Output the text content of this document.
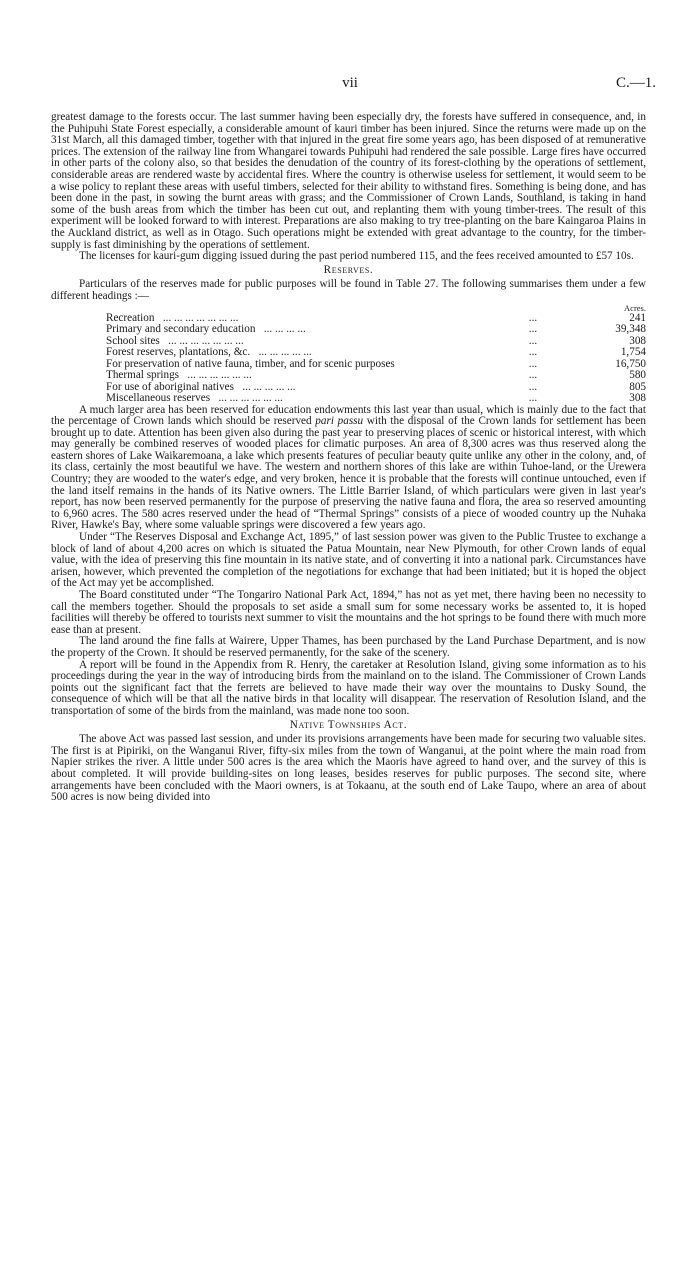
vii	C.—1.

greatest damage to the forests occur. The last summer having been especially dry, the forests have suffered in consequence, and, in the Puhipuhi State Forest especially, a considerable amount of kauri timber has been injured. Since the returns were made up on the 31st March, all this damaged timber, together with that injured in the great fire some years ago, has been disposed of at remunerative prices. The extension of the railway line from Whangarei towards Puhipuhi had rendered the sale possible. Large fires have occurred in other parts of the colony also, so that besides the denudation of the country of its forest-clothing by the operations of settlement, considerable areas are rendered waste by accidental fires. Where the country is otherwise useless for settlement, it would seem to be a wise policy to replant these areas with useful timbers, selected for their ability to withstand fires. Something is being done, and has been done in the past, in sowing the burnt areas with grass; and the Commissioner of Crown Lands, Southland, is taking in hand some of the bush areas from which the timber has been cut out, and replanting them with young timber-trees. The result of this experiment will be looked forward to with interest. Preparations are also making to try tree-planting on the bare Kaingaroa Plains in the Auckland district, as well as in Otago. Such operations might be extended with great advantage to the country, for the timber-supply is fast diminishing by the operations of settlement.

The licenses for kauri-gum digging issued during the past period numbered 115, and the fees received amounted to £57 10s.

Reserves.

Particulars of the reserves made for public purposes will be found in Table 27. The following summarises them under a few different headings :—

		Acres.
Recreation ... ... ... ... ... ... ...	...	241
Primary and secondary education ... ... ... ...	...	39,348
School sites ... ... ... ... ... ... ...	...	308
Forest reserves, plantations, &c. ... ... ... ... ...	...	1,754
For preservation of native fauna, timber, and for scenic purposes	...	16,750
Thermal springs ... ... ... ... ... ...	...	580
For use of aboriginal natives ... ... ... ... ...	...	805
Miscellaneous reserves ... ... ... ... ... ...	...	308

A much larger area has been reserved for education endowments this last year than usual, which is mainly due to the fact that the percentage of Crown lands which should be reserved pari passu with the disposal of the Crown lands for settlement has been brought up to date. Attention has been given also during the past year to preserving places of scenic or historical interest, with which may generally be combined reserves of wooded places for climatic purposes. An area of 8,300 acres was thus reserved along the eastern shores of Lake Waikaremoana, a lake which presents features of peculiar beauty quite unlike any other in the colony, and, of its class, certainly the most beautiful we have. The western and northern shores of this lake are within Tuhoe-land, or the Urewera Country; they are wooded to the water's edge, and very broken, hence it is probable that the forests will continue untouched, even if the land itself remains in the hands of its Native owners. The Little Barrier Island, of which particulars were given in last year's report, has now been reserved permanently for the purpose of preserving the native fauna and flora, the area so reserved amounting to 6,960 acres. The 580 acres reserved under the head of “Thermal Springs” consists of a piece of wooded country up the Nuhaka River, Hawke's Bay, where some valuable springs were discovered a few years ago.

Under “The Reserves Disposal and Exchange Act, 1895,” of last session power was given to the Public Trustee to exchange a block of land of about 4,200 acres on which is situated the Patua Mountain, near New Plymouth, for other Crown lands of equal value, with the idea of preserving this fine mountain in its native state, and of converting it into a national park. Circumstances have arisen, however, which prevented the completion of the negotiations for exchange that had been initiated; but it is hoped the object of the Act may yet be accomplished.

The Board constituted under “The Tongariro National Park Act, 1894,” has not as yet met, there having been no necessity to call the members together. Should the proposals to set aside a small sum for some necessary works be assented to, it is hoped facilities will thereby be offered to tourists next summer to visit the mountains and the hot springs to be found there with much more ease than at present.

The land around the fine falls at Wairere, Upper Thames, has been purchased by the Land Purchase Department, and is now the property of the Crown. It should be reserved permanently, for the sake of the scenery.

A report will be found in the Appendix from R. Henry, the caretaker at Resolution Island, giving some information as to his proceedings during the year in the way of introducing birds from the mainland on to the island. The Commissioner of Crown Lands points out the significant fact that the ferrets are believed to have made their way over the mountains to Dusky Sound, the consequence of which will be that all the native birds in that locality will disappear. The reservation of Resolution Island, and the transportation of some of the birds from the mainland, was made none too soon.

Native Townships Act.

The above Act was passed last session, and under its provisions arrangements have been made for securing two valuable sites. The first is at Pipiriki, on the Wanganui River, fifty-six miles from the town of Wanganui, at the point where the main road from Napier strikes the river. A little under 500 acres is the area which the Maoris have agreed to hand over, and the survey of this is about completed. It will provide building-sites on long leases, besides reserves for public purposes. The second site, where arrangements have been concluded with the Maori owners, is at Tokaanu, at the south end of Lake Taupo, where an area of about 500 acres is now being divided into
